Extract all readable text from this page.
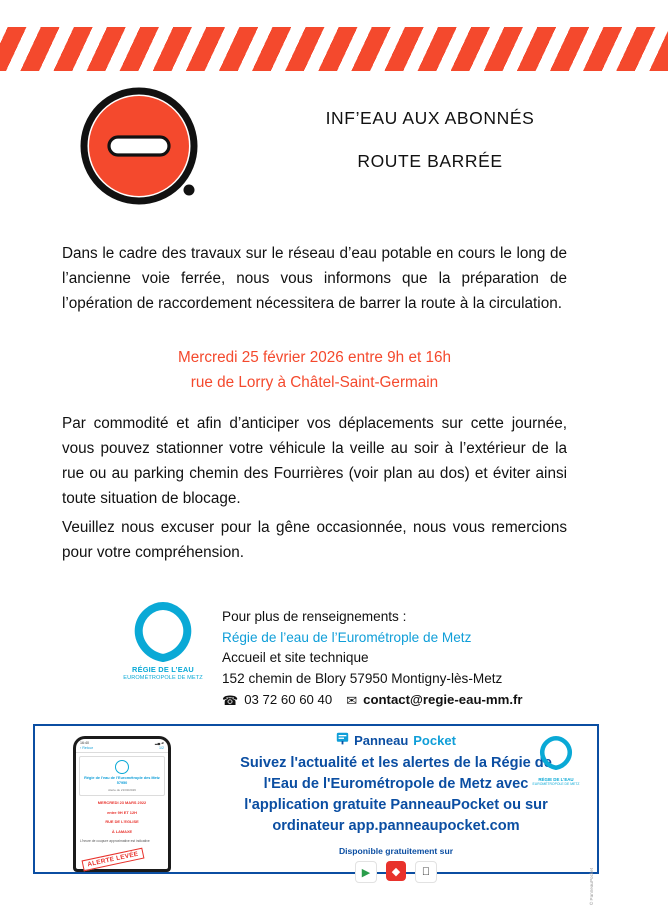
INF’EAU AUX ABONNÉS
ROUTE BARRÉE
Dans le cadre des travaux sur le réseau d’eau potable en cours le long de l’ancienne voie ferrée, nous vous informons que la préparation de l’opération de raccordement nécessitera de barrer la route à la circulation.
Mercredi 25 février 2026 entre 9h et 16h
rue de Lorry à Châtel-Saint-Germain
Par commodité et afin d’anticiper vos déplacements sur cette journée, vous pouvez stationner votre véhicule la veille au soir à l’extérieur de la rue ou au parking chemin des Fourrières (voir plan au dos) et éviter ainsi toute situation de blocage.
Veuillez nous excuser pour la gêne occasionnée, nous vous remercions pour votre compréhension.
RÉGIE DE L’EAU
EUROMÉTROPOLE DE METZ
Pour plus de renseignements :
Régie de l’eau de l’Eurométrople de Metz
Accueil et site technique
152 chemin de Blory 57950 Montigny-lès-Metz
☎ 03 72 60 60 40 ✉ contact@regie-eau-mm.fr
16:40	▂▄ ▰
‹ Retour	1/2
Régie de l'eau de l'Eurométrople des Metz
57950
Alerte du 21/03/2026
MERCREDI 23 MARS 2022
entre 9H ET 12H
RUE DE L'EGLISE
À LAMAXE
L'heure de coupure approximative est indicative
ALERTE LEVÉE
Panneau Pocket
Suivez l'actualité et les alertes de la Régie de
l'Eau de l'Eurométropole de Metz avec
l'application gratuite PanneauPocket ou sur
ordinateur app.panneaupocket.com
Disponible gratuitement sur
▶	◆
RÉGIE DE L'EAU
EUROMÉTROPOLE DE METZ
© PanneauPocket
